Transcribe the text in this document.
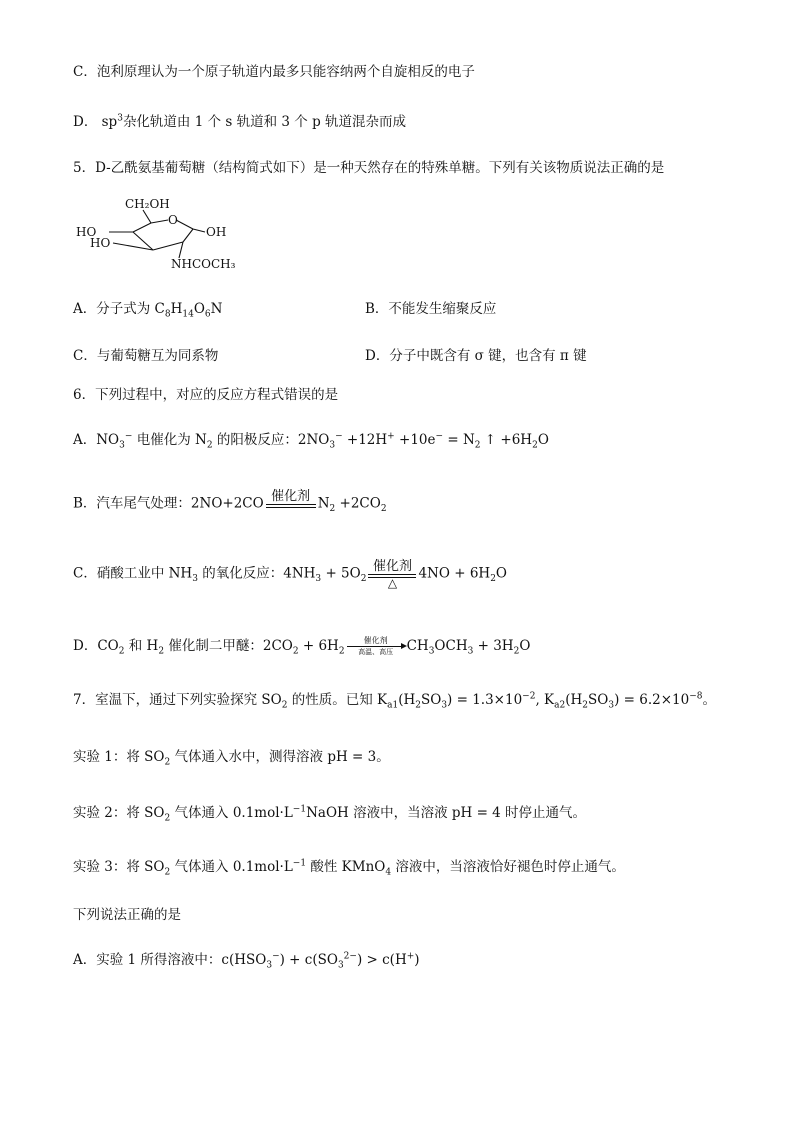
C．泡利原理认为一个原子轨道内最多只能容纳两个自旋相反的电子
D． $sp^3$杂化轨道由 1 个 s 轨道和 3 个 p 轨道混杂而成
5．D-乙酰氨基葡萄糖（结构简式如下）是一种天然存在的特殊单糖。下列有关该物质说法正确的是
CH₂OH
O
HO
HO
OH
NHCOCH₃
A．分子式为 $C_8H_{14}O_6N$	B．不能发生缩聚反应
C．与葡萄糖互为同系物	D．分子中既含有 σ 键，也含有 π 键
6．下列过程中，对应的反应方程式错误的是
A．$NO_3^-$ 电催化为 $N_2$ 的阳极反应：$2NO_3^- +12H^+ +10e^- = N_2$ ↑ $+6H_2O$
B．汽车尾气处理：2NO+2CO 催化剂
$N_2 +2CO_2$
C．硝酸工业中 $NH_3$ 的氧化反应：$4NH_3 + 5O_2$
催化剂
△
$4NO + 6H_2O$
D．$CO_2$ 和 $H_2$ 催化制二甲醚：$2CO_2 + 6H_2$
催化剂
高温、高压	$CH_3OCH_3 + 3H_2O$
7．室温下，通过下列实验探究 $SO_2$ 的性质。已知 $K_{a1}(H_2SO_3) = 1.3\times 10^{-2}$, $K_{a2}(H_2SO_3) = 6.2\times 10^{-8}$。
实验 1：将 $SO_2$ 气体通入水中，测得溶液 pH = 3。
实验 2：将 $SO_2$ 气体通入 $0.1mol\cdot L^{-1}NaOH$ 溶液中，当溶液 pH = 4 时停止通气。
实验 3：将 $SO_2$ 气体通入 $0.1mol\cdot L^{-1}$ 酸性 KMnO$_4$ 溶液中，当溶液恰好褪色时停止通气。
下列说法正确的是
A．实验 1 所得溶液中：$c(HSO_3^-) + c(SO_3^{2-}) > c(H^+)$
